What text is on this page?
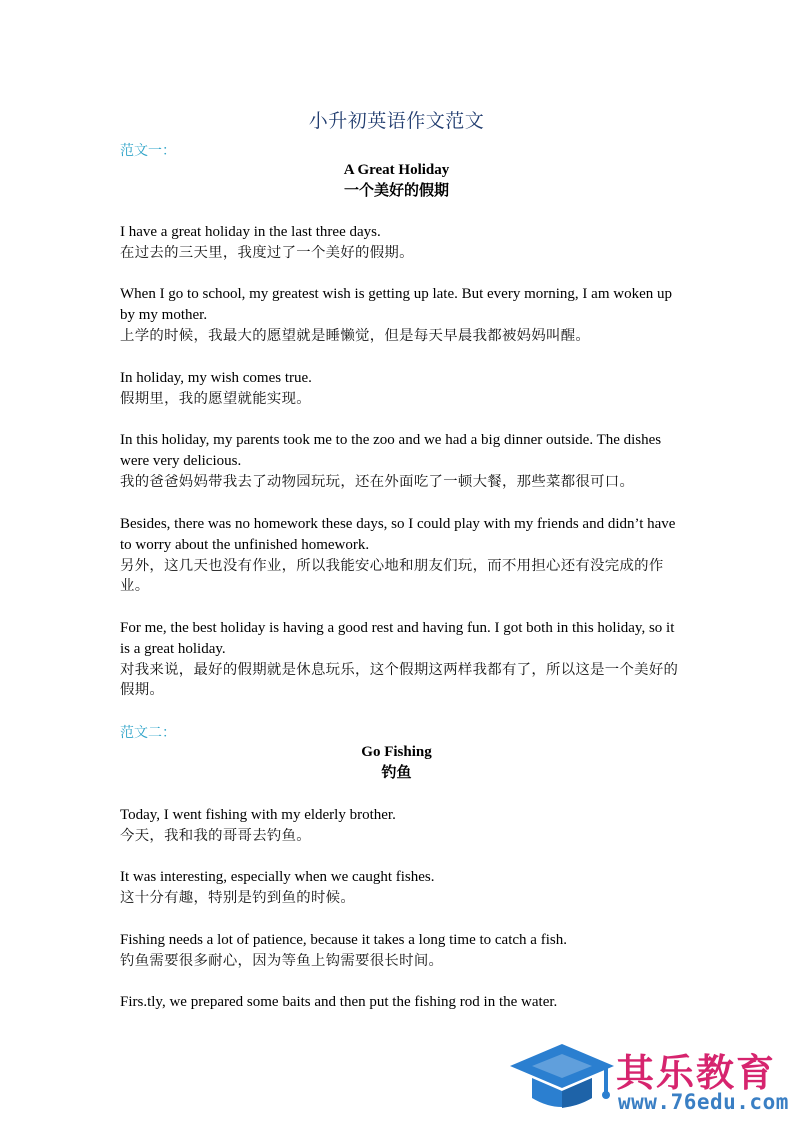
小升初英语作文范文
范文一：
A Great Holiday
一个美好的假期
I have a great holiday in the last three days.
在过去的三天里，我度过了一个美好的假期。
When I go to school, my greatest wish is getting up late. But every morning, I am woken up by my mother.
上学的时候，我最大的愿望就是睡懒觉，但是每天早晨我都被妈妈叫醒。
In holiday, my wish comes true.
假期里，我的愿望就能实现。
In this holiday, my parents took me to the zoo and we had a big dinner outside. The dishes were very delicious.
我的爸爸妈妈带我去了动物园玩玩，还在外面吃了一顿大餐，那些菜都很可口。
Besides, there was no homework these days, so I could play with my friends and didn’t have to worry about the unfinished homework.
另外，这几天也没有作业，所以我能安心地和朋友们玩，而不用担心还有没完成的作业。
For me, the best holiday is having a good rest and having fun. I got both in this holiday, so it is a great holiday.
对我来说，最好的假期就是休息玩乐，这个假期这两样我都有了，所以这是一个美好的假期。
范文二：
Go Fishing
钓鱼
Today, I went fishing with my elderly brother.
今天，我和我的哥哥去钓鱼。
It was interesting, especially when we caught fishes.
这十分有趣，特别是钓到鱼的时候。
Fishing needs a lot of patience, because it takes a long time to catch a fish.
钓鱼需要很多耐心，因为等鱼上钩需要很长时间。
Firs.tly, we prepared some baits and then put the fishing rod in the water.
其乐教育
www.76edu.com
